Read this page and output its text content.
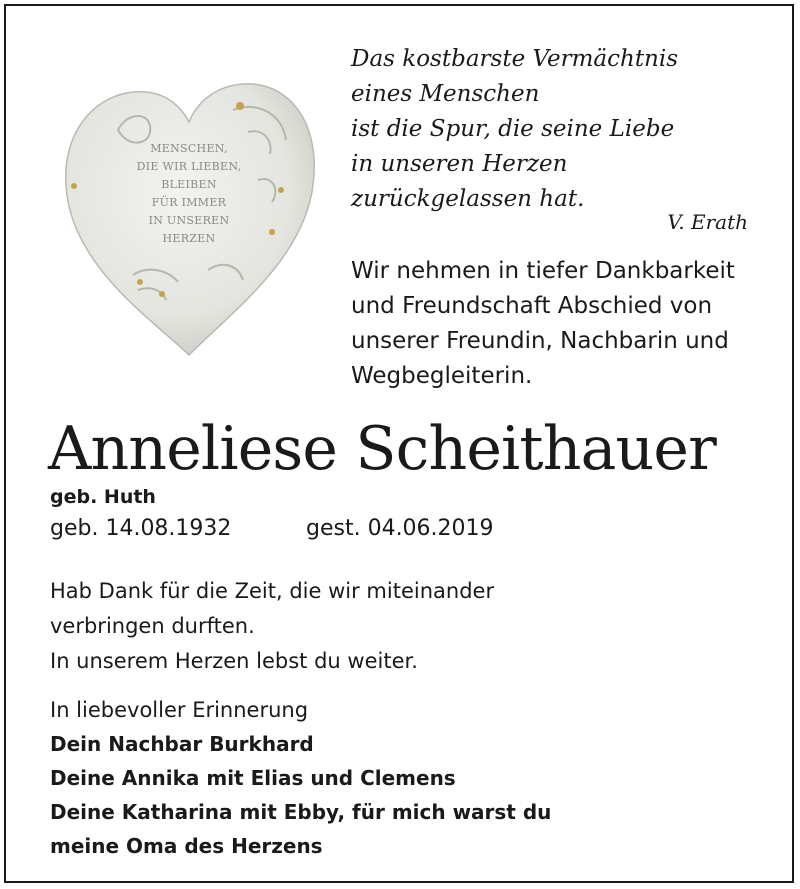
MENSCHEN,
DIE WIR LIEBEN,
BLEIBEN
FÜR IMMER
IN UNSEREN
HERZEN
Das kostbarste Vermächtnis
eines Menschen
ist die Spur, die seine Liebe
in unseren Herzen
zurückgelassen hat.
V. Erath
Wir nehmen in tiefer Dankbarkeit
und Freundschaft Abschied von
unserer Freundin, Nachbarin und
Wegbegleiterin.
Anneliese Scheithauer
geb. Huth
geb. 14.08.1932	gest. 04.06.2019
Hab Dank für die Zeit, die wir miteinander
verbringen durften.
In unserem Herzen lebst du weiter.
In liebevoller Erinnerung
Dein Nachbar Burkhard
Deine Annika mit Elias und Clemens
Deine Katharina mit Ebby, für mich warst du
meine Oma des Herzens
